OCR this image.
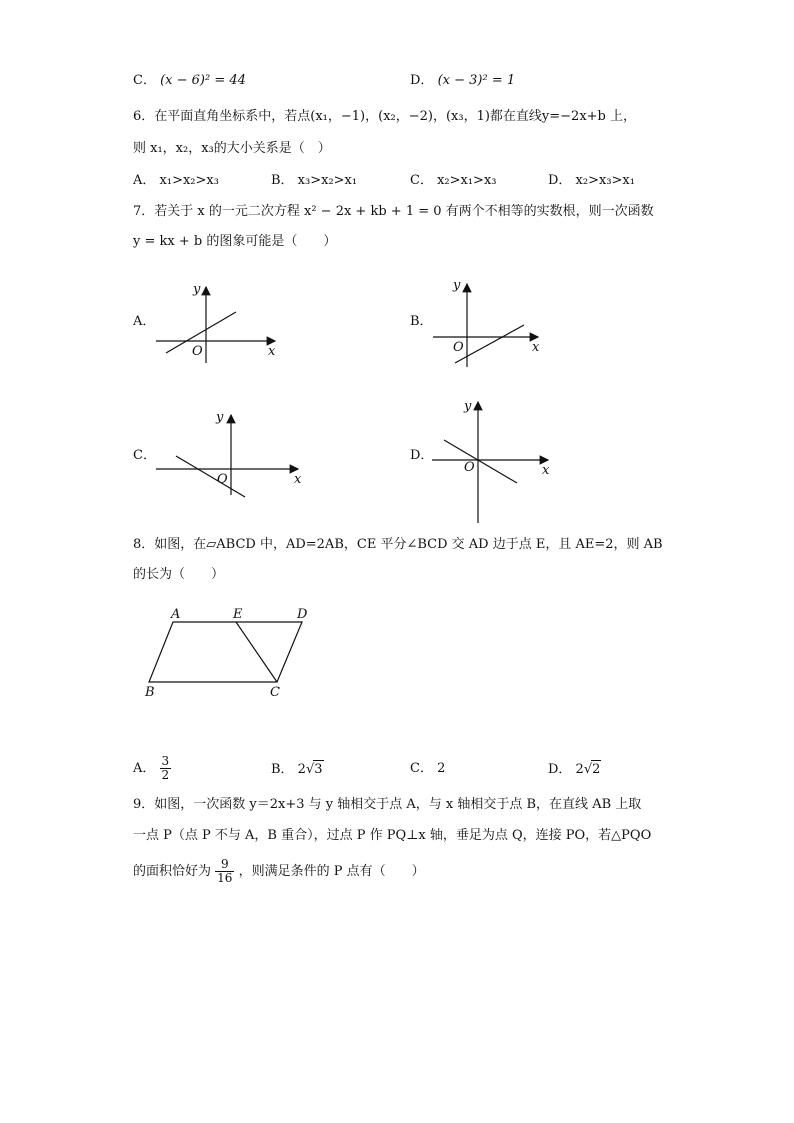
C． (x − 6)² = 44	D． (x − 3)² = 1
6．在平面直角坐标系中，若点(x₁，−1)，(x₂，−2)，(x₃，1)都在直线y=−2x+b 上，
则 x₁，x₂，x₃的大小关系是（　）
A． x₁>x₂>x₃	B． x₃>x₂>x₁	C． x₂>x₁>x₃	D． x₂>x₃>x₁
7．若关于 x 的一元二次方程 x² − 2x + kb + 1 = 0 有两个不相等的实数根，则一次函数
y = kx + b 的图象可能是（　　）
A．
x
y
O
B．
x
y
O
C．
x
y
O
D．
x
y
O
8．如图，在▱ABCD 中，AD=2AB，CE 平分∠BCD 交 AD 边于点 E，且 AE=2，则 AB
的长为（　　）
A	E	D
B	C
A． $\frac{3}{2}$	B． 2√3	C． 2	D． 2√2
9．如图，一次函数 y＝2x+3 与 y 轴相交于点 A，与 x 轴相交于点 B，在直线 AB 上取
一点 P（点 P 不与 A，B 重合），过点 P 作 PQ⊥x 轴，垂足为点 Q，连接 PO，若△PQO
的面积恰好为 $\frac{9}{16}$ ，则满足条件的 P 点有（　　）
